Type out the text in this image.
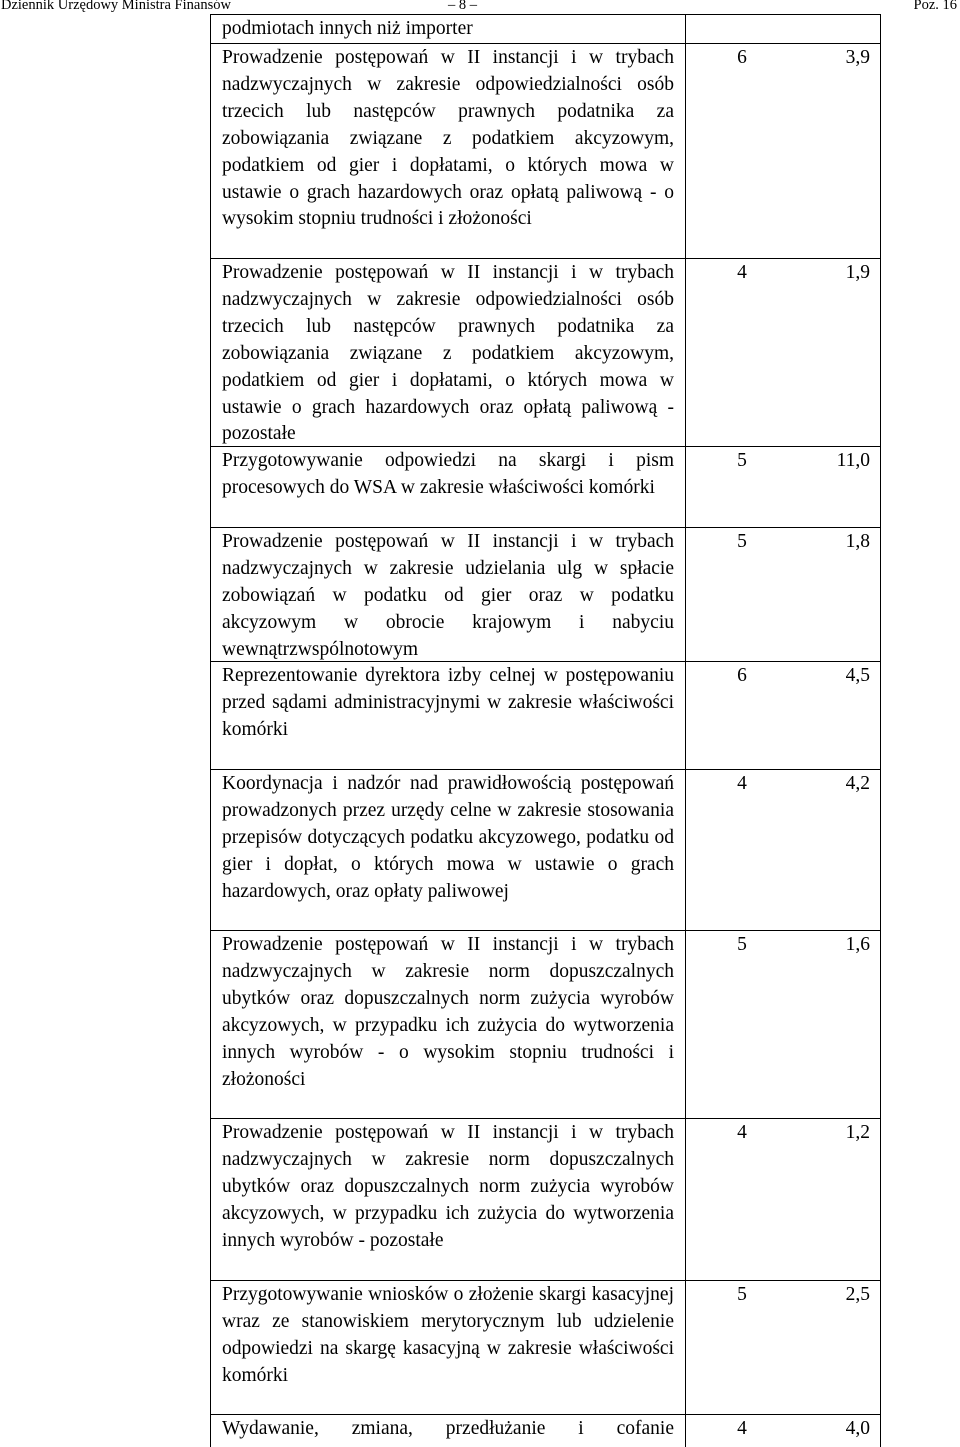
Dziennik Urzędowy Ministra Finansów	– 8 –	Poz. 16
podmiotach innych niż importer
Prowadzenie postępowań w II instancji i w trybach nadzwyczajnych w zakresie odpowiedzialności osób trzecich lub następców prawnych podatnika za zobowiązania związane z podatkiem akcyzowym, podatkiem od gier i dopłatami, o których mowa w ustawie o grach hazardowych oraz opłatą paliwową - o wysokim stopniu trudności i złożoności
6	3,9
Prowadzenie postępowań w II instancji i w trybach nadzwyczajnych w zakresie odpowiedzialności osób trzecich lub następców prawnych podatnika za zobowiązania związane z podatkiem akcyzowym, podatkiem od gier i dopłatami, o których mowa w ustawie o grach hazardowych oraz opłatą paliwową - pozostałe
4	1,9
Przygotowywanie odpowiedzi na skargi i pism procesowych do WSA w zakresie właściwości komórki
5	11,0
Prowadzenie postępowań w II instancji i w trybach nadzwyczajnych w zakresie udzielania ulg w spłacie zobowiązań w podatku od gier oraz w podatku akcyzowym w obrocie krajowym i nabyciu wewnątrzwspólnotowym
5	1,8
Reprezentowanie dyrektora izby celnej w postępowaniu przed sądami administracyjnymi w zakresie właściwości komórki
6	4,5
Koordynacja i nadzór nad prawidłowością postępowań prowadzonych przez urzędy celne w zakresie stosowania przepisów dotyczących podatku akcyzowego, podatku od gier i dopłat, o których mowa w ustawie o grach hazardowych, oraz opłaty paliwowej
4	4,2
Prowadzenie postępowań w II instancji i w trybach nadzwyczajnych w zakresie norm dopuszczalnych ubytków oraz dopuszczalnych norm zużycia wyrobów akcyzowych, w przypadku ich zużycia do wytworzenia innych wyrobów - o wysokim stopniu trudności i złożoności
5	1,6
Prowadzenie postępowań w II instancji i w trybach nadzwyczajnych w zakresie norm dopuszczalnych ubytków oraz dopuszczalnych norm zużycia wyrobów akcyzowych, w przypadku ich zużycia do wytworzenia innych wyrobów - pozostałe
4	1,2
Przygotowywanie wniosków o złożenie skargi kasacyjnej wraz ze stanowiskiem merytorycznym lub udzielenie odpowiedzi na skargę kasacyjną w zakresie właściwości komórki
5	2,5
Wydawanie, zmiana, przedłużanie i cofanie	4	4,0
